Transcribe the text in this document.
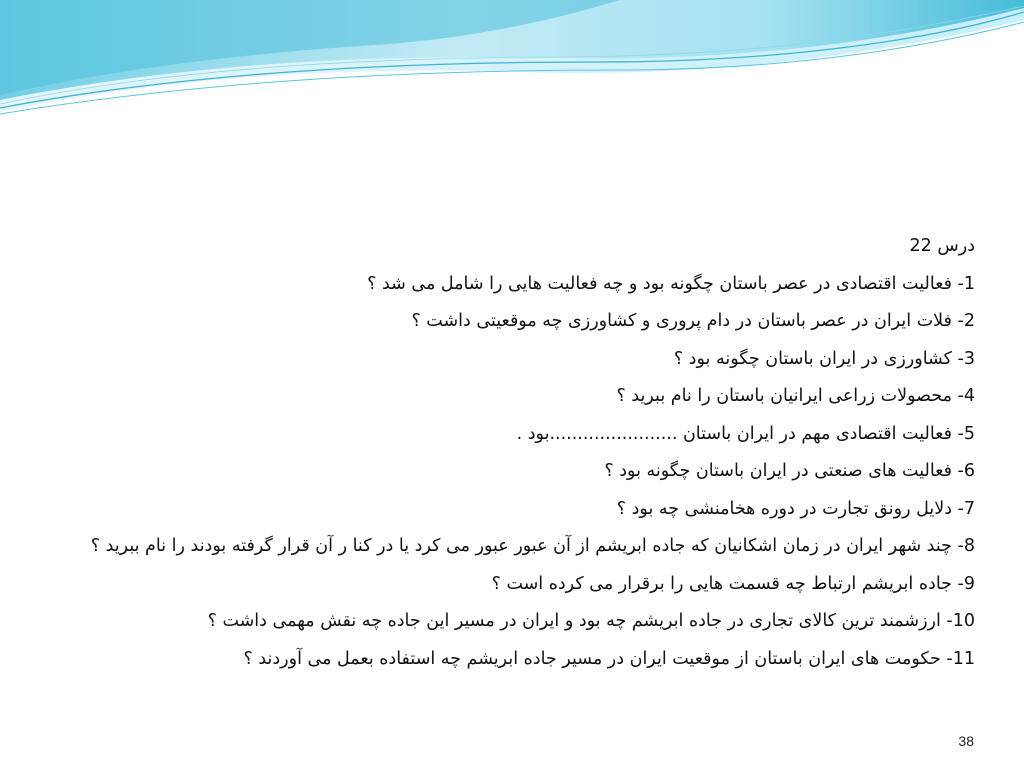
درس 22
1- فعالیت اقتصادی در عصر باستان چگونه بود و چه فعالیت هایی را شامل می شد ؟
2- فلات ایران در عصر باستان در دام پروری و کشاورزی چه موقعیتی داشت ؟
3- کشاورزی در ایران باستان چگونه بود ؟
4- محصولات زراعی ایرانیان باستان را نام ببرید ؟
5- فعالیت اقتصادی مهم در ایران باستان .......................بود .
6- فعالیت های صنعتی در ایران باستان چگونه بود ؟
7- دلایل رونق تجارت در دوره هخامنشی چه بود ؟
8- چند شهر ایران در زمان اشکانیان که جاده ابریشم از آن عبور عبور می کرد یا در کنا ر آن قرار گرفته بودند را نام ببرید ؟
9- جاده ابریشم ارتباط چه قسمت هایی را برقرار می کرده است ؟
10- ارزشمند ترین کالای تجاری در جاده ابریشم چه بود و ایران در مسیر این جاده چه نقش مهمی داشت ؟
11- حکومت های ایران باستان از موقعیت ایران در مسیر جاده ابریشم چه استفاده بعمل می آوردند ؟
38
